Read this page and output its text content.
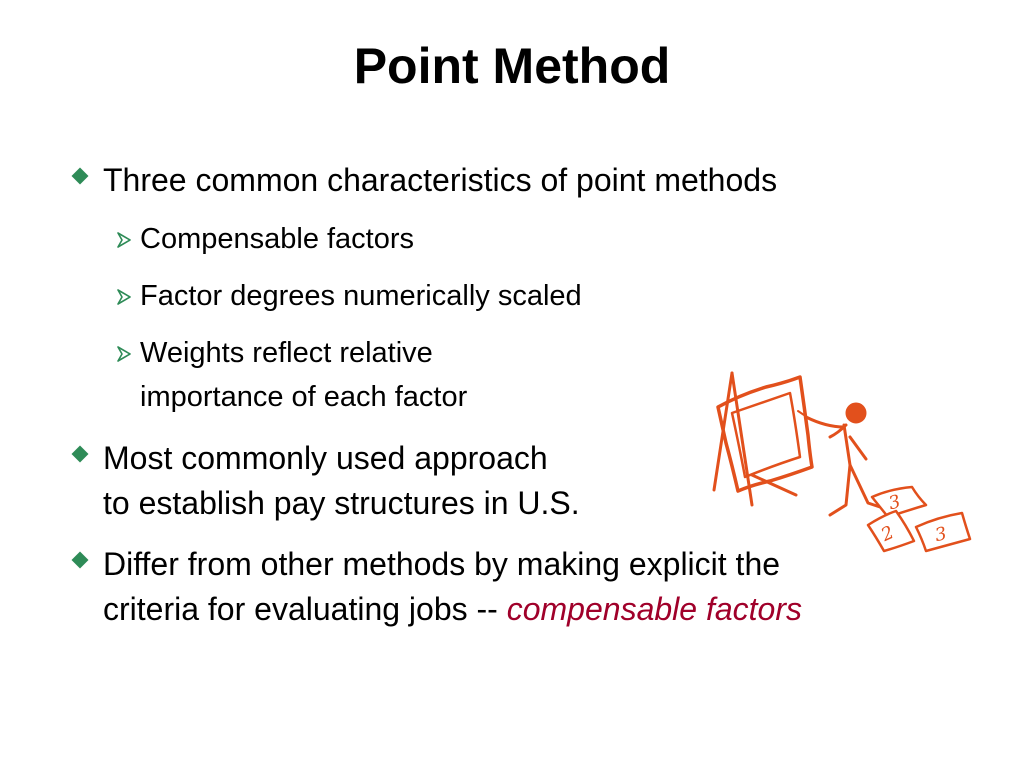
Point Method
Three common characteristics of point methods
Compensable factors
Factor degrees numerically scaled
Weights reflect relative
importance of each factor
Most commonly used approach
to establish pay structures in U.S.
Differ from other methods by making explicit the
criteria for evaluating jobs -- compensable factors
3
2 3
